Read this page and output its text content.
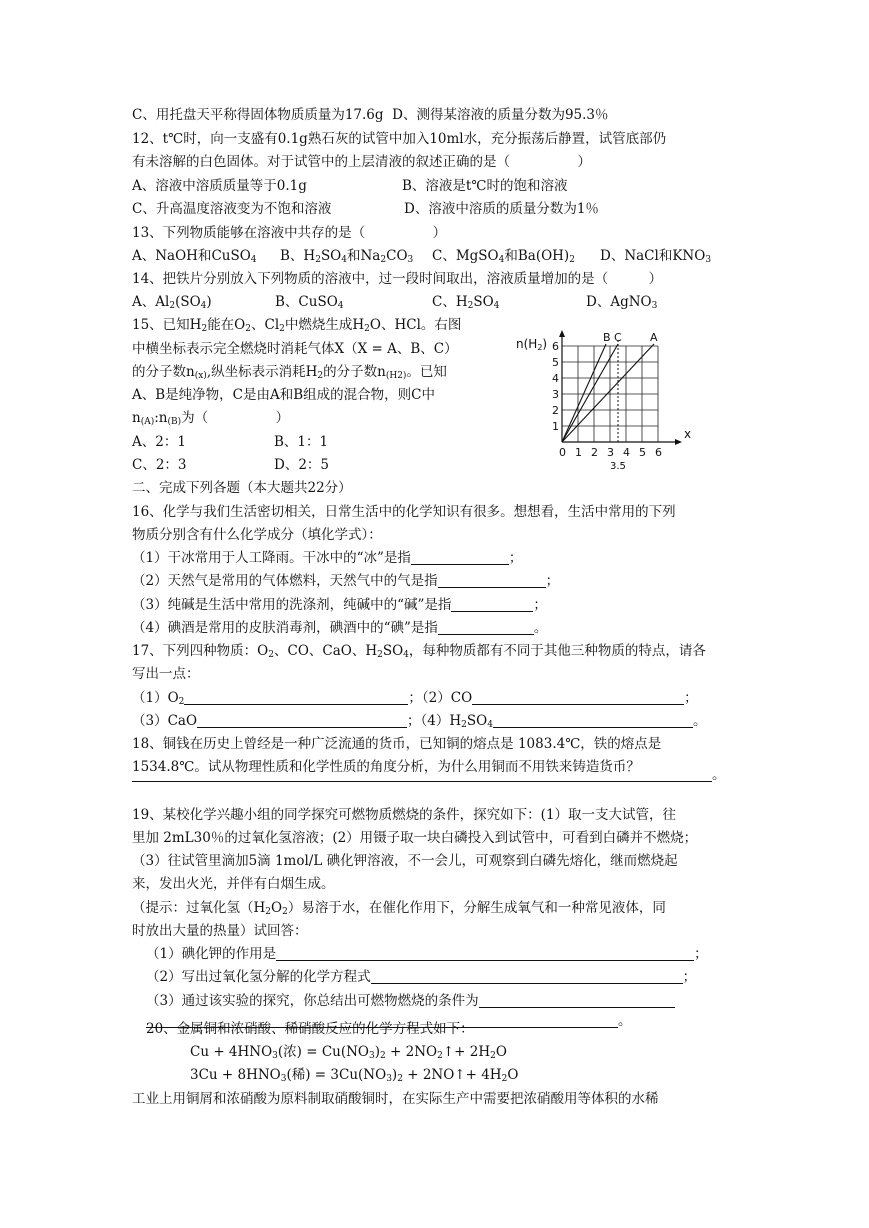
C、用托盘天平称得固体物质质量为17.6g D、测得某溶液的质量分数为95.3％
12、t℃时，向一支盛有0.1g熟石灰的试管中加入10ml水，充分振荡后静置，试管底部仍
有未溶解的白色固体。对于试管中的上层清液的叙述正确的是（　　　　　）
A、溶液中溶质质量等于0.1g	B、溶液是t℃时的饱和溶液
C、升高温度溶液变为不饱和溶液	D、溶液中溶质的质量分数为1％
13、下列物质能够在溶液中共存的是（　　　　　）
A、NaOH和CuSO$_4$ B、$H_2SO_4$和$Na_2CO_3$ C、MgSO$_4$和$Ba(OH)_2$ D、NaCl和$KNO_3$
14、把铁片分别放入下列物质的溶液中，过一段时间取出，溶液质量增加的是（　　　）
A、$Al_2(SO_4)$	B、CuSO$_4$	C、$H_2SO_4$	D、AgNO$_3$
15、已知$H_2$能在$O_2$、$Cl_2$中燃烧生成$H_2O$、HCl。右图
中横坐标表示完全燃烧时消耗气体X（X = A、B、C）
的分子数$n_{(x)}$,纵坐标表示消耗$H_2$的分子数$n_{(H2)}$。已知
A、B是纯净物，C是由A和B组成的混合物，则C中
$n_{(A)}:n_{(B)}$为（　　　　　）
A、2：1	B、1：1
C、2：3	D、2：5
n(H2)
x
B C	A
1
2
3
4
5
6
0 1 2 3 4 5 6
3.5
二、完成下列各题（本大题共22分）
16、化学与我们生活密切相关，日常生活中的化学知识有很多。想想看，生活中常用的下列
物质分别含有什么化学成分（填化学式）：
（1）干冰常用于人工降雨。干冰中的“冰”是指	；
（2）天然气是常用的气体燃料，天然气中的气是指	；
（3）纯碱是生活中常用的洗涤剂，纯碱中的“碱”是指	；
（4）碘酒是常用的皮肤消毒剂，碘酒中的“碘”是指	。
17、下列四种物质：$O_2$、CO、CaO、$H_2SO_4$，每种物质都有不同于其他三种物质的特点，请各
写出一点：
$(1)O_2$	；（2）CO	；
（3）CaO	；$(4)H_2SO_4$	。
18、铜钱在历史上曾经是一种广泛流通的货币，已知铜的熔点是 1083.4℃，铁的熔点是
1534.8℃。试从物理性质和化学性质的角度分析，为什么用铜而不用铁来铸造货币？	。
19、某校化学兴趣小组的同学探究可燃物质燃烧的条件，探究如下：(1）取一支大试管，往
里加 2mL30％的过氧化氢溶液；(2）用镊子取一块白磷投入到试管中，可看到白磷并不燃烧；
（3）往试管里滴加5滴 1mol/L 碘化钾溶液，不一会儿，可观察到白磷先熔化，继而燃烧起
来，发出火光，并伴有白烟生成。
（提示：过氧化氢$(H_2O_2)$易溶于水，在催化作用下，分解生成氧气和一种常见液体，同
时放出大量的热量）试回答：
（1）碘化钾的作用是	；
（2）写出过氧化氢分解的化学方程式	；
（3）通过该实验的探究，你总结出可燃物燃烧的条件为
。
20、金属铜和浓硝酸、稀硝酸反应的化学方程式如下：
$Cu + 4HNO_3$(浓) = $Cu(NO_3)_2$ + $2NO_2↑+ 2H_2O$
$3Cu + 8HNO_3$(稀) = $3Cu(NO_3)_2$ + 2NO↑+ $4H_2O$
工业上用铜屑和浓硝酸为原料制取硝酸铜时，在实际生产中需要把浓硝酸用等体积的水稀
